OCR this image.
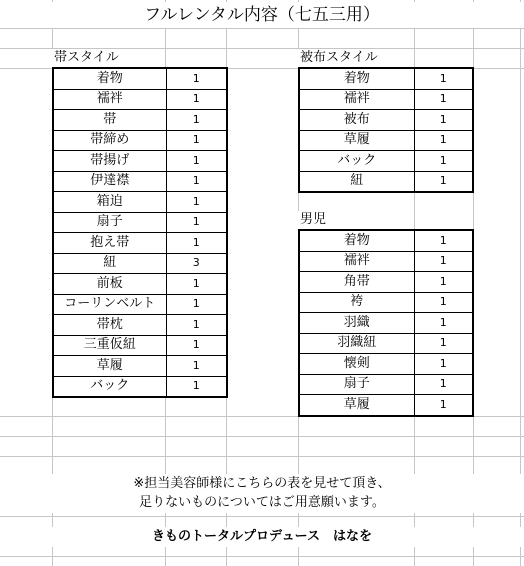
フルレンタル内容（七五三用）
帯スタイル
着物	1
襦袢	1
帯	1
帯締め	1
帯揚げ	1
伊達襟	1
箱迫	1
扇子	1
抱え帯	1
紐	3
前板	1
コーリンベルト	1
帯枕	1
三重仮紐	1
草履	1
バック	1
被布スタイル
着物	1
襦袢	1
被布	1
草履	1
バック	1
紐	1
男児
着物	1
襦袢	1
角帯	1
袴	1
羽織	1
羽織紐	1
懐剣	1
扇子	1
草履	1
※担当美容師様にこちらの表を見せて頂き、
足りないものについてはご用意願います。
きものトータルプロデュース　はなを
